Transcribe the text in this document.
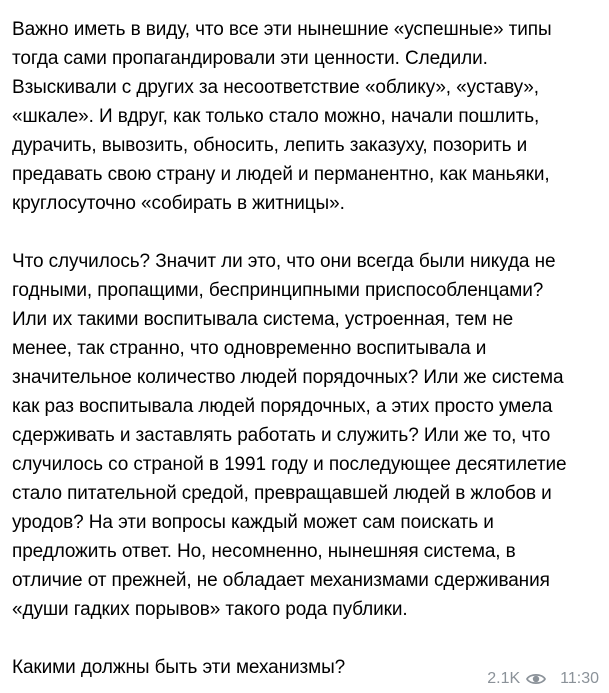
Важно иметь в виду, что все эти нынешние «успешные» типы
тогда сами пропагандировали эти ценности. Следили.
Взыскивали с других за несоответствие «облику», «уставу»,
«шкале». И вдруг, как только стало можно, начали пошлить,
дурачить, вывозить, обносить, лепить заказуху, позорить и
предавать свою страну и людей и перманентно, как маньяки,
круглосуточно «собирать в житницы».
Что случилось? Значит ли это, что они всегда были никуда не
годными, пропащими, беспринципными приспособленцами?
Или их такими воспитывала система, устроенная, тем не
менее, так странно, что одновременно воспитывала и
значительное количество людей порядочных? Или же система
как раз воспитывала людей порядочных, а этих просто умела
сдерживать и заставлять работать и служить? Или же то, что
случилось со страной в 1991 году и последующее десятилетие
стало питательной средой, превращавшей людей в жлобов и
уродов? На эти вопросы каждый может сам поискать и
предложить ответ. Но, несомненно, нынешняя система, в
отличие от прежней, не обладает механизмами сдерживания
«души гадких порывов» такого рода публики.
Какими должны быть эти механизмы?
2.1K	11:30
